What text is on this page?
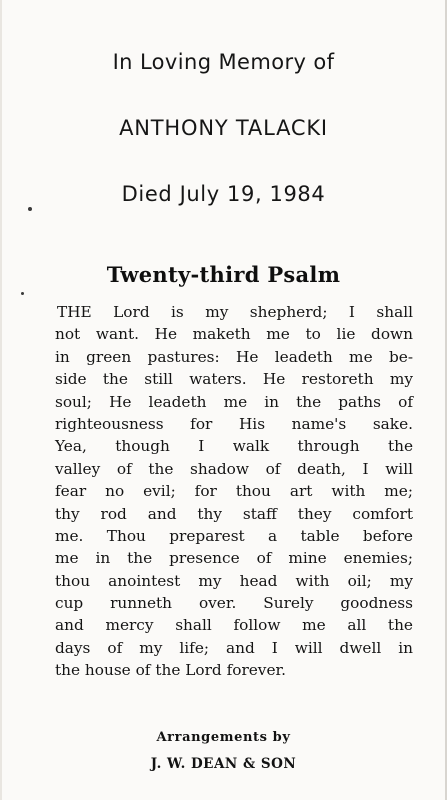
In Loving Memory of
ANTHONY TALACKI
Died July 19, 1984
Twenty-third Psalm
THE Lord is my shepherd; I shall
not want. He maketh me to lie down
in green pastures: He leadeth me be-
side the still waters. He restoreth my
soul; He leadeth me in the paths of
righteousness for His name's sake.
Yea, though I walk through the
valley of the shadow of death, I will
fear no evil; for thou art with me;
thy rod and thy staff they comfort
me. Thou preparest a table before
me in the presence of mine enemies;
thou anointest my head with oil; my
cup runneth over. Surely goodness
and mercy shall follow me all the
days of my life; and I will dwell in
the house of the Lord forever.
Arrangements by
J. W. DEAN & SON
